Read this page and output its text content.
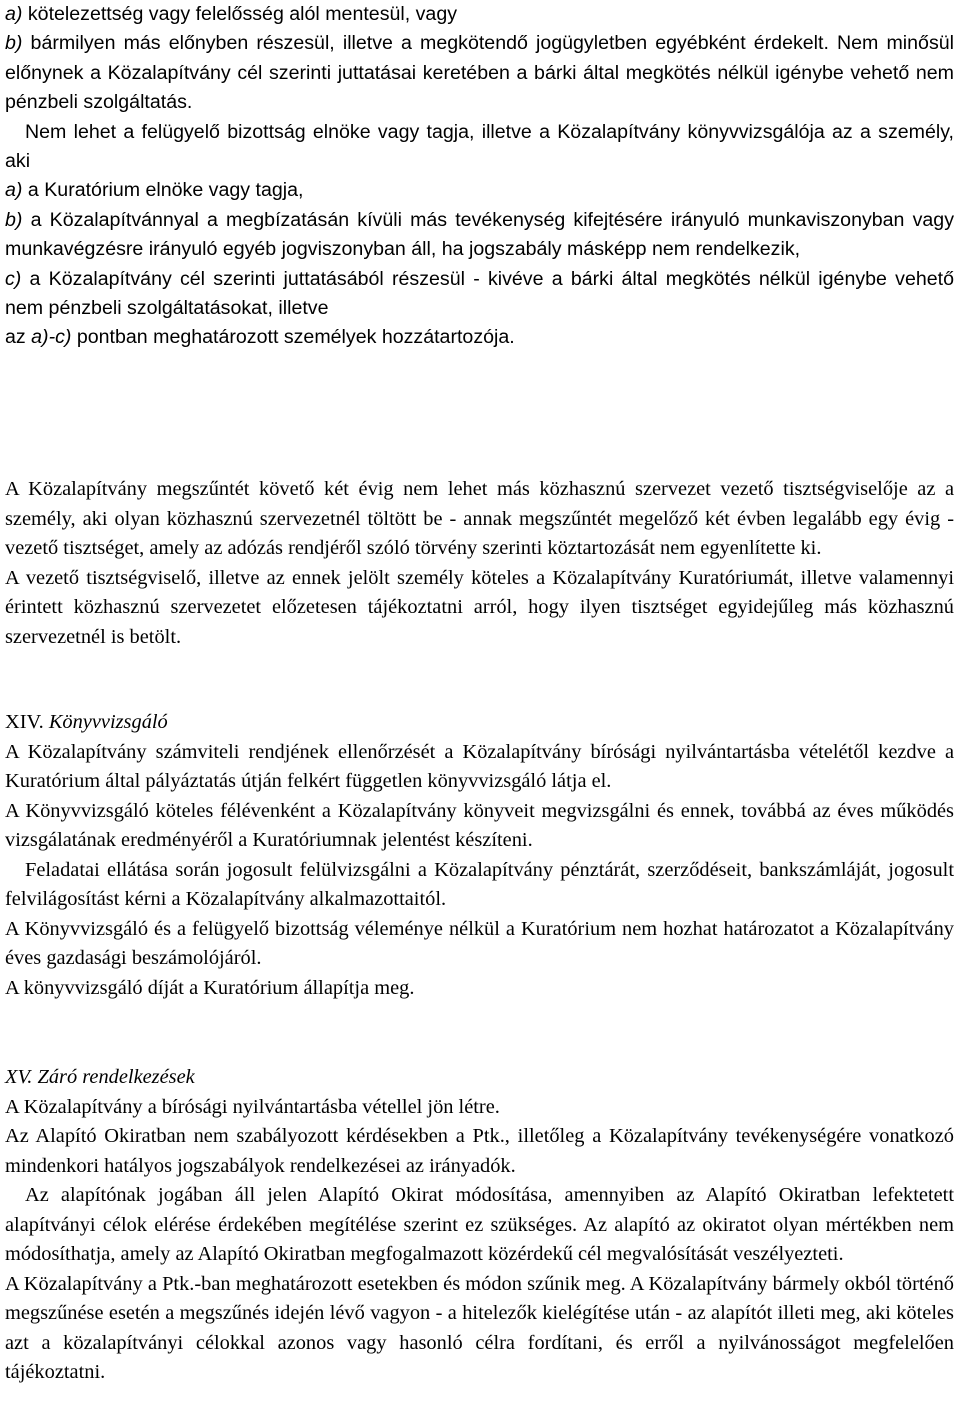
a) kötelezettség vagy felelősség alól mentesül, vagy

b) bármilyen más előnyben részesül, illetve a megkötendő jogügyletben egyébként érdekelt. Nem minősül előnynek a Közalapítvány cél szerinti juttatásai keretében a bárki által megkötés nélkül igénybe vehető nem pénzbeli szolgáltatás.

Nem lehet a felügyelő bizottság elnöke vagy tagja, illetve a Közalapítvány könyvvizsgálója az a személy, aki

a) a Kuratórium elnöke vagy tagja,

b) a Közalapítvánnyal a megbízatásán kívüli más tevékenység kifejtésére irányuló munkaviszonyban vagy munkavégzésre irányuló egyéb jogviszonyban áll, ha jogszabály másképp nem rendelkezik,

c) a Közalapítvány cél szerinti juttatásából részesül - kivéve a bárki által megkötés nélkül igénybe vehető nem pénzbeli szolgáltatásokat, illetve

az a)-c) pontban meghatározott személyek hozzátartozója.

A Közalapítvány megszűntét követő két évig nem lehet más közhasznú szervezet vezető tisztségviselője az a személy, aki olyan közhasznú szervezetnél töltött be - annak megszűntét megelőző két évben legalább egy évig - vezető tisztséget, amely az adózás rendjéről szóló törvény szerinti köztartozását nem egyenlítette ki.

A vezető tisztségviselő, illetve az ennek jelölt személy köteles a Közalapítvány Kuratóriumát, illetve valamennyi érintett közhasznú szervezetet előzetesen tájékoztatni arról, hogy ilyen tisztséget egyidejűleg más közhasznú szervezetnél is betölt.

XIV. Könyvvizsgáló

A Közalapítvány számviteli rendjének ellenőrzését a Közalapítvány bírósági nyilvántartásba vételétől kezdve a Kuratórium által pályáztatás útján felkért független könyvvizsgáló látja el.

A Könyvvizsgáló köteles félévenként a Közalapítvány könyveit megvizsgálni és ennek, továbbá az éves működés vizsgálatának eredményéről a Kuratóriumnak jelentést készíteni.

Feladatai ellátása során jogosult felülvizsgálni a Közalapítvány pénztárát, szerződéseit, bankszámláját, jogosult felvilágosítást kérni a Közalapítvány alkalmazottaitól.

A Könyvvizsgáló és a felügyelő bizottság véleménye nélkül a Kuratórium nem hozhat határozatot a Közalapítvány éves gazdasági beszámolójáról.

A könyvvizsgáló díját a Kuratórium állapítja meg.

XV. Záró rendelkezések

A Közalapítvány a bírósági nyilvántartásba vétellel jön létre.

Az Alapító Okiratban nem szabályozott kérdésekben a Ptk., illetőleg a Közalapítvány tevékenységére vonatkozó mindenkori hatályos jogszabályok rendelkezései az irányadók.

Az alapítónak jogában áll jelen Alapító Okirat módosítása, amennyiben az Alapító Okiratban lefektetett alapítványi célok elérése érdekében megítélése szerint ez szükséges. Az alapító az okiratot olyan mértékben nem módosíthatja, amely az Alapító Okiratban megfogalmazott közérdekű cél megvalósítását veszélyezteti.

A Közalapítvány a Ptk.-ban meghatározott esetekben és módon szűnik meg. A Közalapítvány bármely okból történő megszűnése esetén a megszűnés idején lévő vagyon - a hitelezők kielégítése után - az alapítót illeti meg, aki köteles azt a közalapítványi célokkal azonos vagy hasonló célra fordítani, és erről a nyilvánosságot megfelelően tájékoztatni.
